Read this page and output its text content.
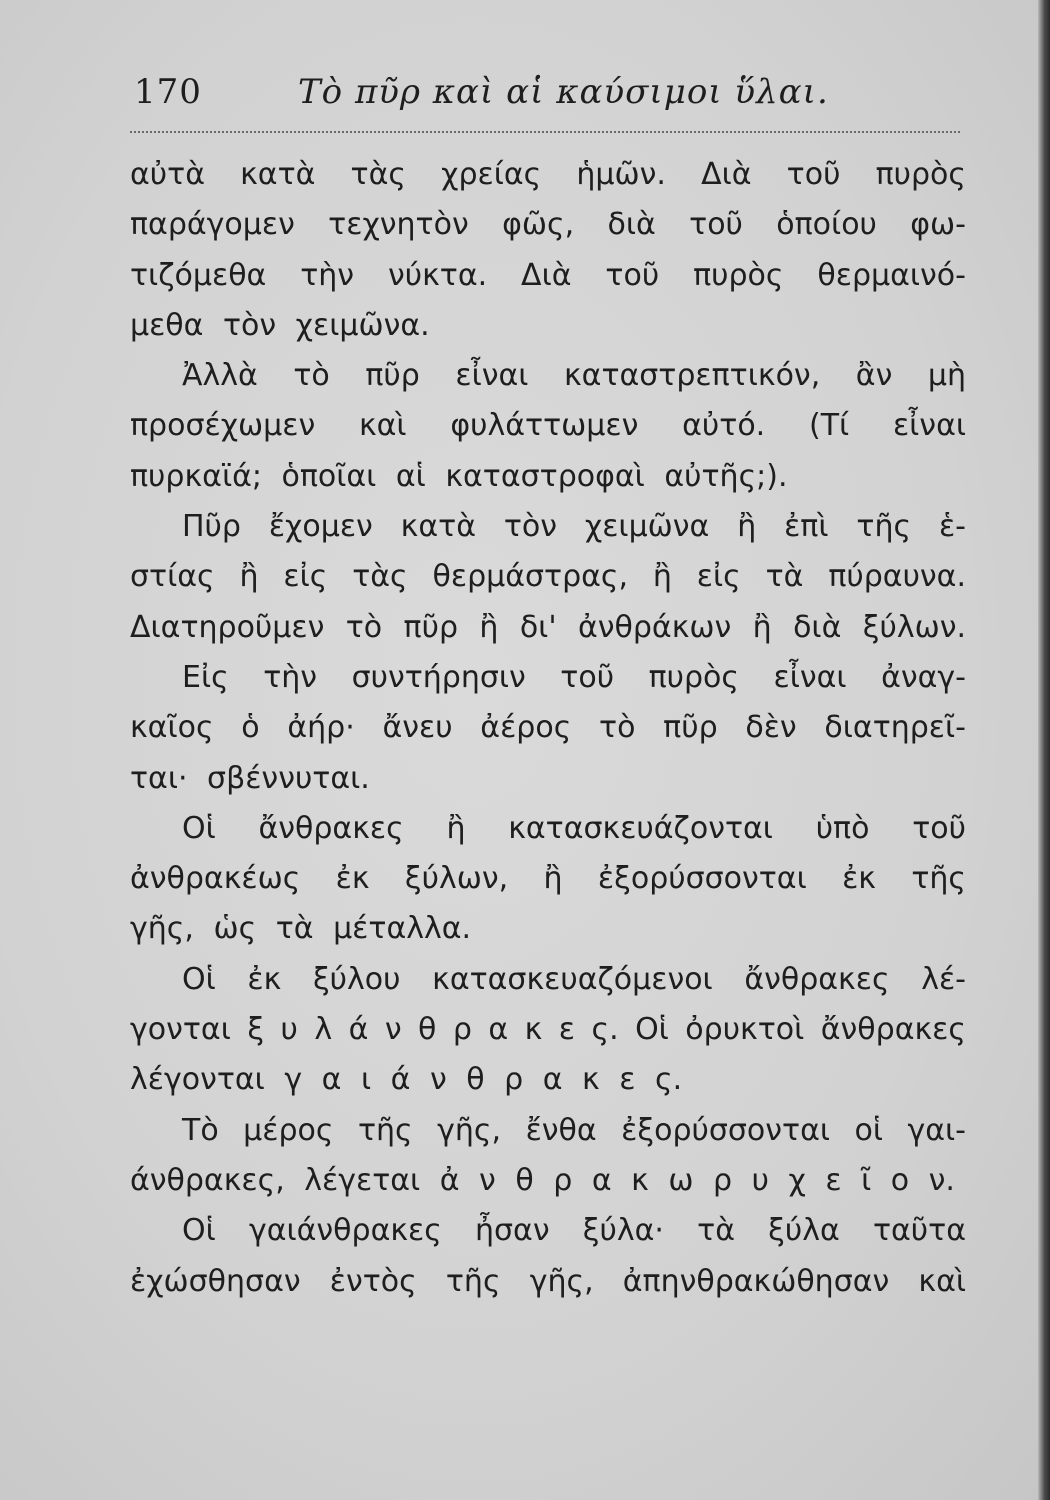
170	Τὸ πῦρ καὶ αἱ καύσιμοι ὕλαι.
αὐτὰ κατὰ τὰς χρείας ἡμῶν. Διὰ τοῦ πυρὸς
παράγομεν τεχνητὸν φῶς, διὰ τοῦ ὁποίου φω-
τιζόμεθα τὴν νύκτα. Διὰ τοῦ πυρὸς θερμαινό-
μεθα τὸν χειμῶνα.
Ἀλλὰ τὸ πῦρ εἶναι καταστρεπτικόν, ἂν μὴ
προσέχωμεν καὶ φυλάττωμεν αὐτό. (Τί εἶναι
πυρκαϊά; ὁποῖαι αἱ καταστροφαὶ αὐτῆς;).
Πῦρ ἔχομεν κατὰ τὸν χειμῶνα ἢ ἐπὶ τῆς ἑ-
στίας ἢ εἰς τὰς θερμάστρας, ἢ εἰς τὰ πύραυνα.
Διατηροῦμεν τὸ πῦρ ἢ δι' ἀνθράκων ἢ διὰ ξύλων.
Εἰς τὴν συντήρησιν τοῦ πυρὸς εἶναι ἀναγ-
καῖος ὁ ἀήρ· ἄνευ ἀέρος τὸ πῦρ δὲν διατηρεῖ-
ται· σβέννυται.
Οἱ ἄνθρακες ἢ κατασκευάζονται ὑπὸ τοῦ
ἀνθρακέως ἐκ ξύλων, ἢ ἐξορύσσονται ἐκ τῆς
γῆς, ὡς τὰ μέταλλα.
Οἱ ἐκ ξύλου κατασκευαζόμενοι ἄνθρακες λέ-
γονται ξ υ λ ά ν θ ρ α κ ε ς. Οἱ ὀρυκτοὶ ἄνθρακες
λέγονται γ α ι ά ν θ ρ α κ ε ς.
Τὸ μέρος τῆς γῆς, ἔνθα ἐξορύσσονται οἱ γαι-
άνθρακες, λέγεται ἀ ν θ ρ α κ ω ρ υ χ ε ῖ ο ν.
Οἱ γαιάνθρακες ἦσαν ξύλα· τὰ ξύλα ταῦτα
ἐχώσθησαν ἐντὸς τῆς γῆς, ἀπηνθρακώθησαν καὶ
